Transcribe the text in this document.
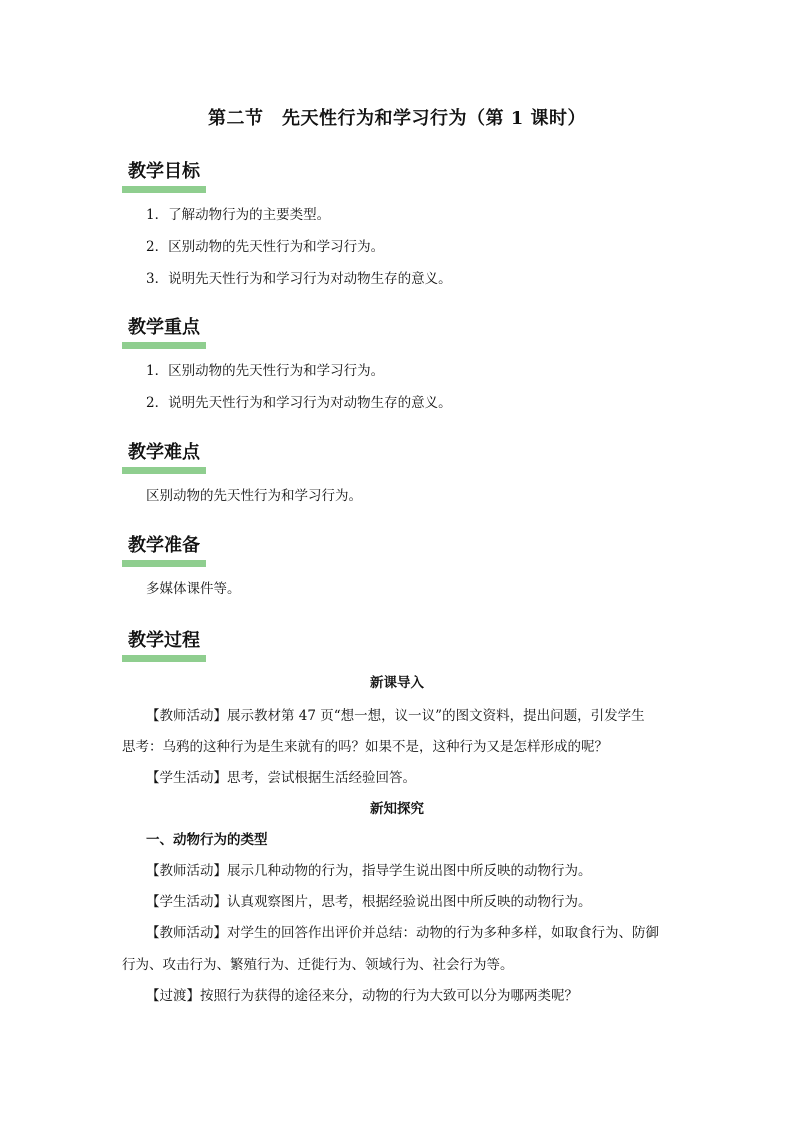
第二节　先天性行为和学习行为（第 1 课时）
教学目标
1．了解动物行为的主要类型。
2．区别动物的先天性行为和学习行为。
3．说明先天性行为和学习行为对动物生存的意义。
教学重点
1．区别动物的先天性行为和学习行为。
2．说明先天性行为和学习行为对动物生存的意义。
教学难点
区别动物的先天性行为和学习行为。
教学准备
多媒体课件等。
教学过程
新课导入
【教师活动】展示教材第 47 页“想一想，议一议”的图文资料，提出问题，引发学生
思考：乌鸦的这种行为是生来就有的吗？如果不是，这种行为又是怎样形成的呢？
【学生活动】思考，尝试根据生活经验回答。
新知探究
一、动物行为的类型
【教师活动】展示几种动物的行为，指导学生说出图中所反映的动物行为。
【学生活动】认真观察图片，思考，根据经验说出图中所反映的动物行为。
【教师活动】对学生的回答作出评价并总结：动物的行为多种多样，如取食行为、防御
行为、攻击行为、繁殖行为、迁徙行为、领域行为、社会行为等。
【过渡】按照行为获得的途径来分，动物的行为大致可以分为哪两类呢？
